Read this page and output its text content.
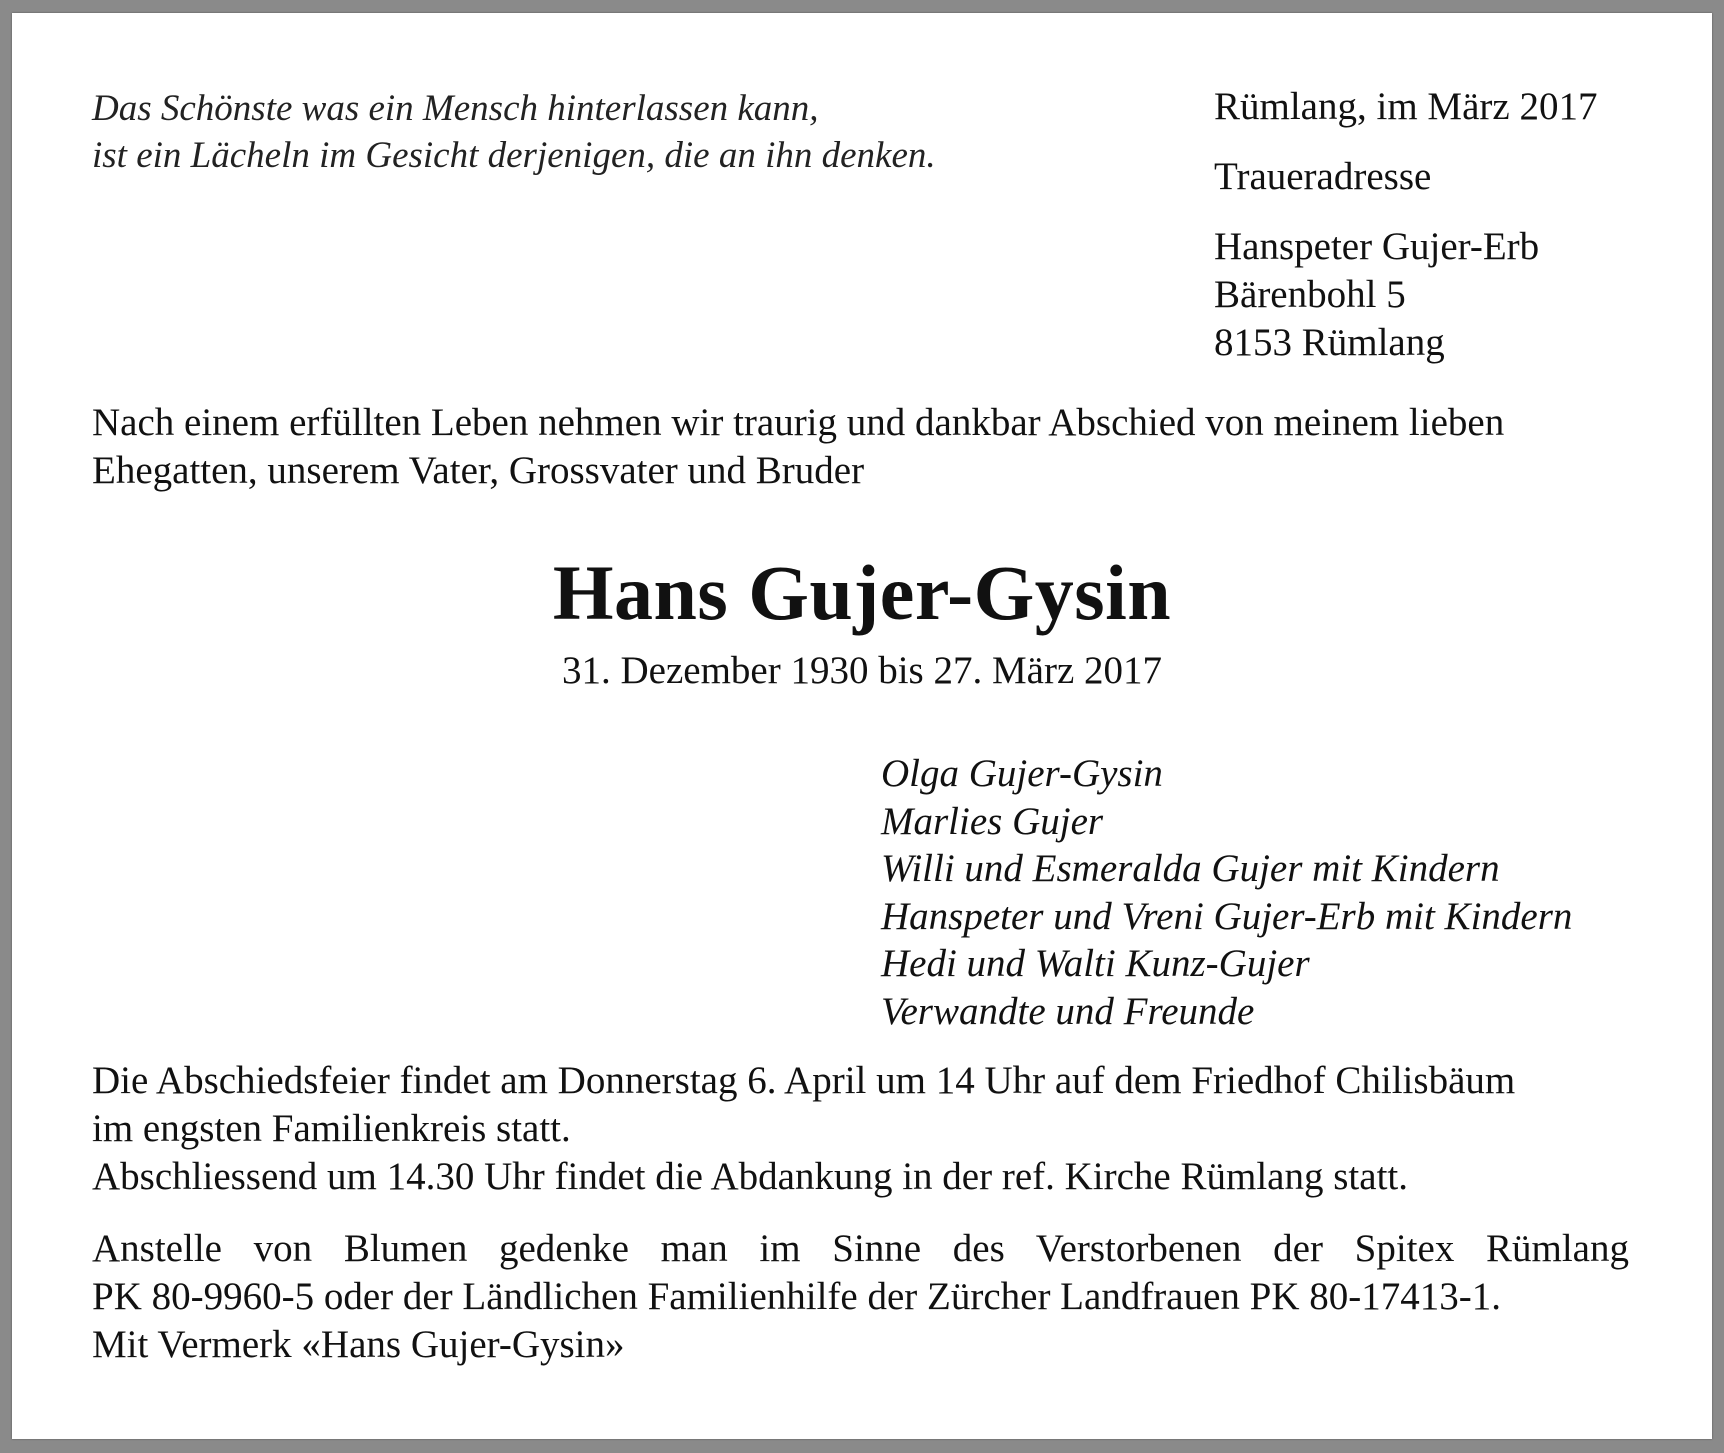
Das Schönste was ein Mensch hinterlassen kann,
ist ein Lächeln im Gesicht derjenigen, die an ihn denken.
Rümlang, im März 2017
Traueradresse
Hanspeter Gujer-Erb
Bärenbohl 5
8153 Rümlang
Nach einem erfüllten Leben nehmen wir traurig und dankbar Abschied von meinem lieben
Ehegatten, unserem Vater, Grossvater und Bruder
Hans Gujer-Gysin
31. Dezember 1930 bis 27. März 2017
Olga Gujer-Gysin
Marlies Gujer
Willi und Esmeralda Gujer mit Kindern
Hanspeter und Vreni Gujer-Erb mit Kindern
Hedi und Walti Kunz-Gujer
Verwandte und Freunde
Die Abschiedsfeier findet am Donnerstag 6. April um 14 Uhr auf dem Friedhof Chilisbäum
im engsten Familienkreis statt.
Abschliessend um 14.30 Uhr findet die Abdankung in der ref. Kirche Rümlang statt.
Anstelle von Blumen gedenke man im Sinne des Verstorbenen der Spitex Rümlang
PK 80-9960-5 oder der Ländlichen Familienhilfe der Zürcher Landfrauen PK 80-17413-1.
Mit Vermerk «Hans Gujer-Gysin»
